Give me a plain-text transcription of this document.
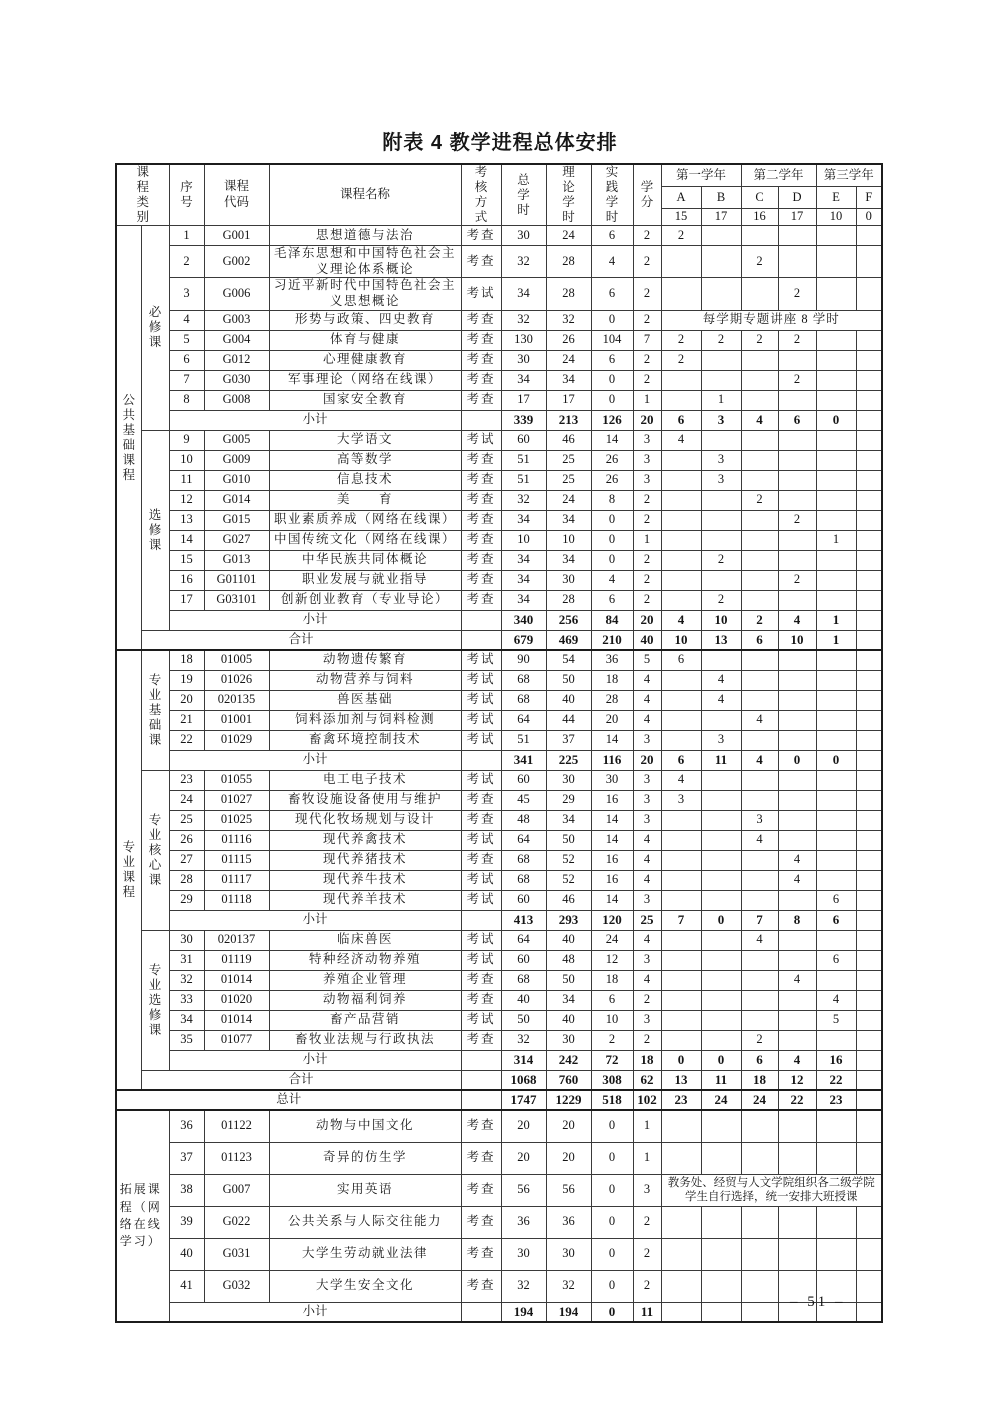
附表 4 教学进程总体安排
课程类别		序号	课程代码	课程名称	考核方式	总学时	理论学时	实践学时	学分	第一学年		第二学年		第三学年	
										A	B	C	D	E	F
										15	17	16	17	10	0

公共基础课程	必修课	1	G001	思想道德与法治	考查	30	24	6	2	2					
		2	G002	毛泽东思想和中国特色社会主义理论体系概论	考查	32	28	4	2			2			
		3	G006	习近平新时代中国特色社会主义思想概论	考试	34	28	6	2				2		
		4	G003	形势与政策、四史教育	考查	32	32	0	2	每学期专题讲座 8 学时					
		5	G004	体育与健康	考查	130	26	104	7	2	2	2	2		
		6	G012	心理健康教育	考查	30	24	6	2	2					
		7	G030	军事理论（网络在线课）	考查	34	34	0	2				2		
		8	G008	国家安全教育	考查	17	17	0	1		1				
		小计				339	213	126	20	6	3	4	6	0	

	选修课	9	G005	大学语文	考试	60	46	14	3	4					
		10	G009	高等数学	考查	51	25	26	3		3				
		11	G010	信息技术	考查	51	25	26	3		3				
		12	G014	美　　育	考查	32	24	8	2			2			
		13	G015	职业素质养成（网络在线课）	考查	34	34	0	2				2		
		14	G027	中国传统文化（网络在线课）	考查	10	10	0	1					1	
		15	G013	中华民族共同体概论	考查	34	34	0	2		2				
		16	G01101	职业发展与就业指导	考查	34	30	4	2				2		
		17	G03101	创新创业教育（专业导论）	考查	34	28	6	2		2				
		小计				340	256	84	20	4	10	2	4	1	
	合计					679	469	210	40	10	13	6	10	1	

专业课程	专业基础课	18	01005	动物遗传繁育	考试	90	54	36	5	6					
		19	01026	动物营养与饲料	考试	68	50	18	4		4				
		20	020135	兽医基础	考试	68	40	28	4		4				
		21	01001	饲料添加剂与饲料检测	考试	64	44	20	4			4			
		22	01029	畜禽环境控制技术	考试	51	37	14	3		3				
		小计				341	225	116	20	6	11	4	0	0	

	专业核心课	23	01055	电工电子技术	考试	60	30	30	3	4					
		24	01027	畜牧设施设备使用与维护	考查	45	29	16	3	3					
		25	01025	现代化牧场规划与设计	考查	48	34	14	3			3			
		26	01116	现代养禽技术	考试	64	50	14	4			4			
		27	01115	现代养猪技术	考查	68	52	16	4				4		
		28	01117	现代养牛技术	考试	68	52	16	4				4		
		29	01118	现代养羊技术	考试	60	46	14	3					6	
		小计				413	293	120	25	7	0	7	8	6	

	专业选修课	30	020137	临床兽医	考试	64	40	24	4			4			
		31	01119	特种经济动物养殖	考试	60	48	12	3					6	
		32	01014	养殖企业管理	考查	68	50	18	4				4		
		33	01020	动物福利饲养	考查	40	34	6	2					4	
		34	01014	畜产品营销	考试	50	40	10	3					5	
		35	01077	畜牧业法规与行政执法	考查	32	30	2	2			2			
		小计				314	242	72	18	0	0	6	4	16	
	合计					1068	760	308	62	13	11	18	12	22	
总计						1747	1229	518	102	23	24	24	22	23	

拓展课程（网络在线学习）		36	01122	动物与中国文化	考查	20	20	0	1						
		37	01123	奇异的仿生学	考查	20	20	0	1						
		38	G007	实用英语	考查	56	56	0	3	教务处、经贸与人文学院组织各二级学院学生自行选择，统一安排大班授课					
		39	G022	公共关系与人际交往能力	考查	36	36	0	2						
		40	G031	大学生劳动就业法律	考查	30	30	0	2						
		41	G032	大学生安全文化	考查	32	32	0	2						
		小计				194	194	0	11						
– 51 –
